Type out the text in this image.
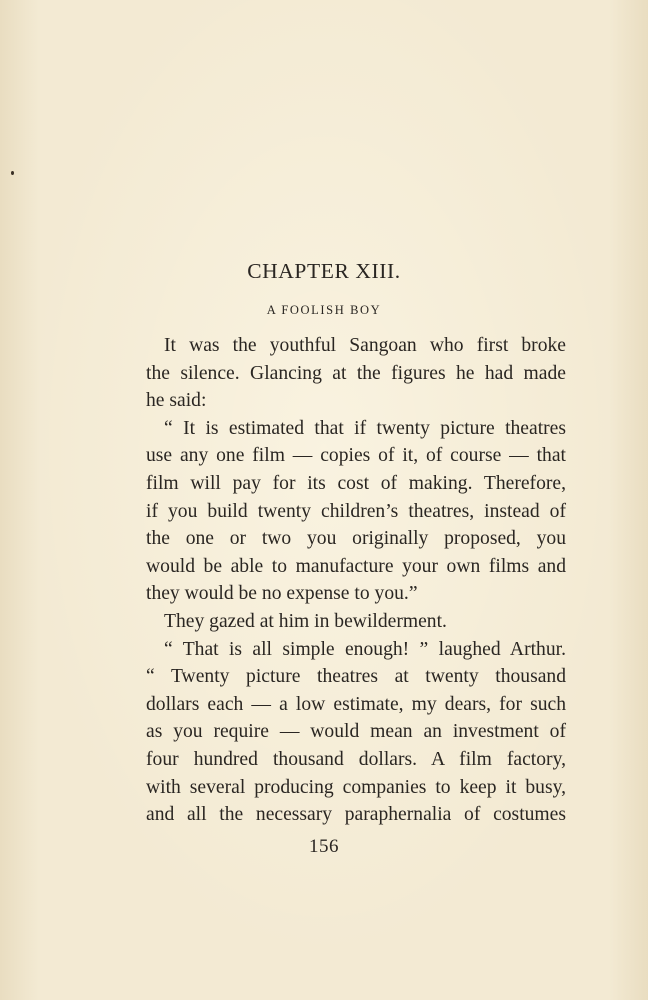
CHAPTER XIII.
A FOOLISH BOY
It was the youthful Sangoan who first broke
the silence. Glancing at the figures he had made
he said:
“ It is estimated that if twenty picture theatres
use any one film — copies of it, of course — that
film will pay for its cost of making. Therefore,
if you build twenty children’s theatres, instead of
the one or two you originally proposed, you
would be able to manufacture your own films and
they would be no expense to you.”
They gazed at him in bewilderment.
“ That is all simple enough! ” laughed Arthur.
“ Twenty picture theatres at twenty thousand
dollars each — a low estimate, my dears, for such
as you require — would mean an investment of
four hundred thousand dollars. A film factory,
with several producing companies to keep it busy,
and all the necessary paraphernalia of costumes
156
